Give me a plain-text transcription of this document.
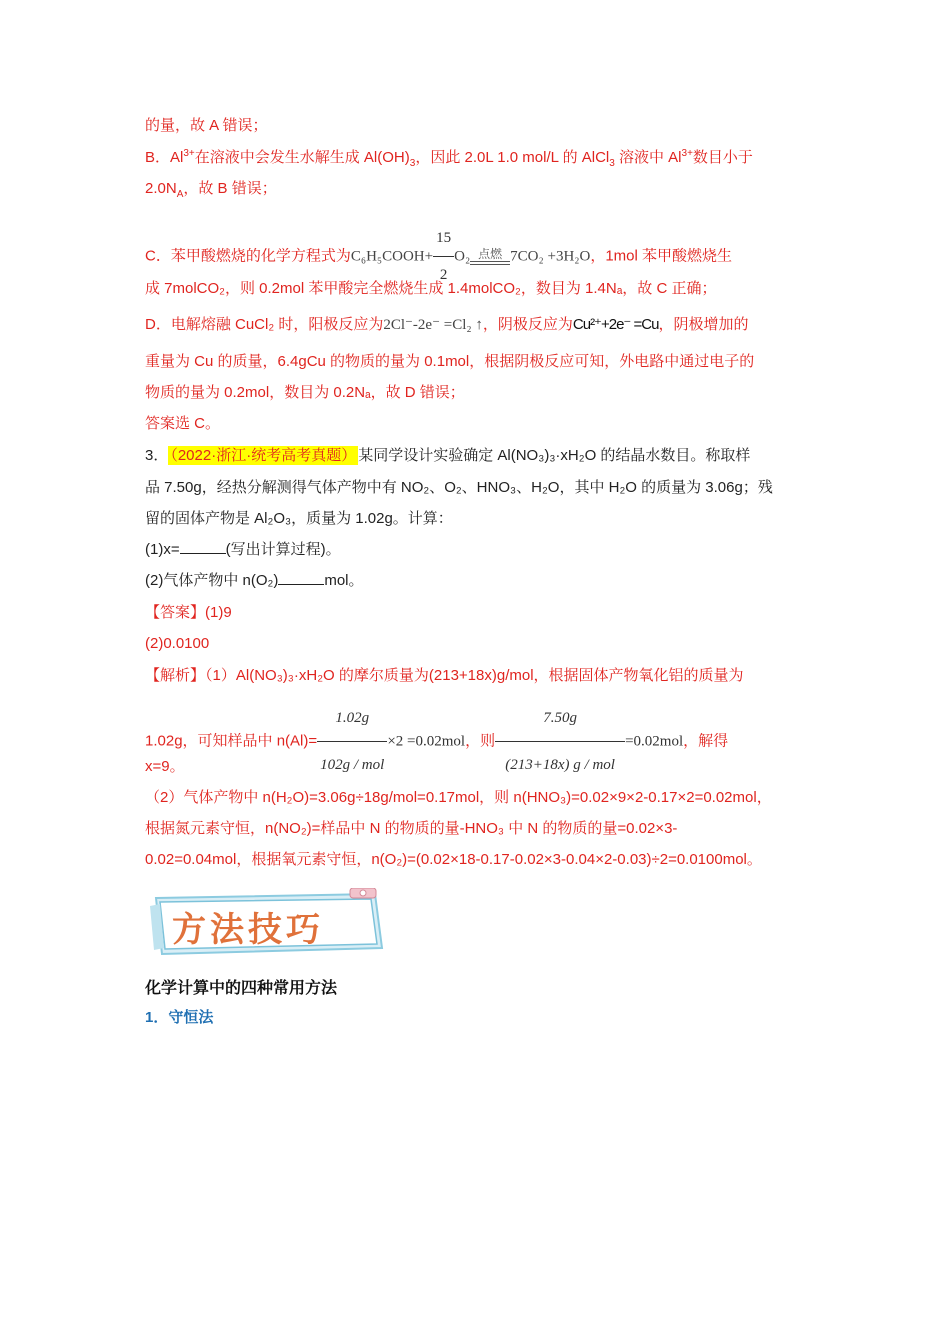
的量，故 A 错误；
B．$Al^{3+}$在溶液中会发生水解生成 $Al(OH)_3$，因此 2.0L 1.0 mol/L 的 AlCl$_3$ 溶液中 $Al^{3+}$数目小于
$2.0N_A$，故 B 错误；
C．苯甲酸燃烧的化学方程式为C₆H₅COOH+ $\frac{15}{2} O_2$ 点燃 7CO₂ +3H₂O，1mol 苯甲酸燃烧生
成 7molCO₂，则 0.2mol 苯甲酸完全燃烧生成 1.4molCO₂，数目为 1.4Nₐ，故 C 正确；
D．电解熔融 CuCl₂ 时，阳极反应为2Cl⁻-2e⁻ =Cl₂ ↑，阴极反应为Cu²⁺+2e⁻ =Cu，阴极增加的
重量为 Cu 的质量，6.4gCu 的物质的量为 0.1mol，根据阴极反应可知，外电路中通过电子的
物质的量为 0.2mol，数目为 0.2Nₐ，故 D 错误；
答案选 C。
3． （2022·浙江·统考高考真题） 某同学设计实验确定 Al(NO₃)₃·xH₂O 的结晶水数目。称取样
品 7.50g，经热分解测得气体产物中有 NO₂、O₂、HNO₃、H₂O，其中 H₂O 的质量为 3.06g；残
留的固体产物是 Al₂O₃，质量为 1.02g。计算：
(1)x=	(写出计算过程)。
(2)气体产物中 n(O₂)	mol。
【答案】(1)9
(2)0.0100
【解析】（1）Al(NO₃)₃·xH₂O 的摩尔质量为(213+18x)g/mol，根据固体产物氧化铝的质量为
1.02g，可知样品中 $n(Al)= \frac{1.02g}{\text{102g / mol}} \times 2 =0.02mol$，则 $\frac{7.50g}{\text{(213+18x) g / mol}} =0.02mol$，解得
x=9。
（2）气体产物中 n(H₂O)=3.06g÷18g/mol=0.17mol，则 n(HNO₃)=0.02×9×2-0.17×2=0.02mol，
根据氮元素守恒，n(NO₂)=样品中 N 的物质的量-HNO₃ 中 N 的物质的量=0.02×3-
0.02=0.04mol，根据氧元素守恒，n(O₂)=(0.02×18-0.17-0.02×3-0.04×2-0.03)÷2=0.0100mol。
方法技巧
化学计算中的四种常用方法
1．守恒法
